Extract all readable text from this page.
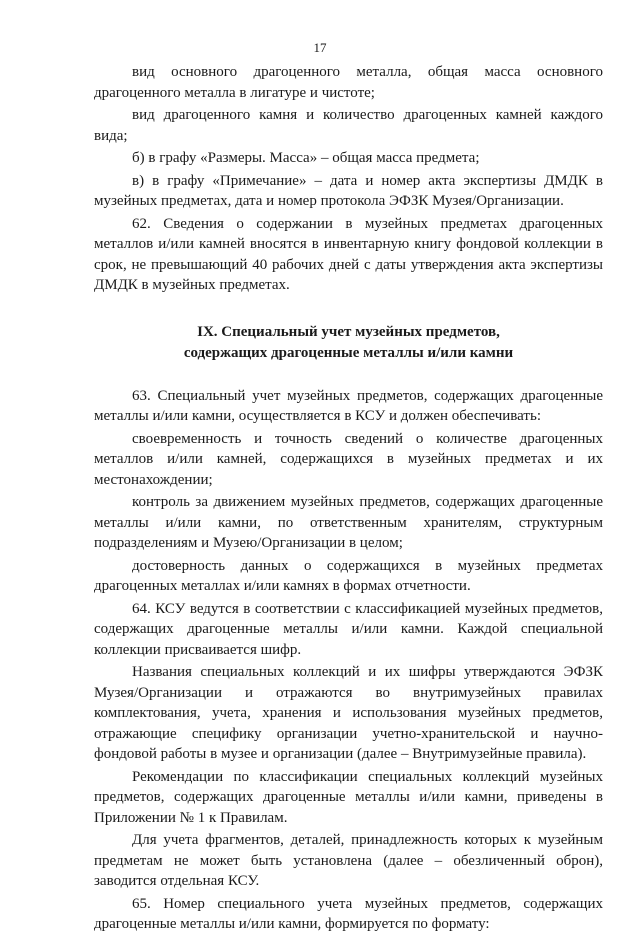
17

вид основного драгоценного металла, общая масса основного драгоценного металла в лигатуре и чистоте;

вид драгоценного камня и количество драгоценных камней каждого вида;

б) в графу «Размеры. Масса» – общая масса предмета;

в) в графу «Примечание» – дата и номер акта экспертизы ДМДК в музейных предметах, дата и номер протокола ЭФЗК Музея/Организации.

62. Сведения о содержании в музейных предметах драгоценных металлов и/или камней вносятся в инвентарную книгу фондовой коллекции в срок, не превышающий 40 рабочих дней с даты утверждения акта экспертизы ДМДК в музейных предметах.

IX. Специальный учет музейных предметов,
содержащих драгоценные металлы и/или камни

63. Специальный учет музейных предметов, содержащих драгоценные металлы и/или камни, осуществляется в КСУ и должен обеспечивать:

своевременность и точность сведений о количестве драгоценных металлов и/или камней, содержащихся в музейных предметах и их местонахождении;

контроль за движением музейных предметов, содержащих драгоценные металлы и/или камни, по ответственным хранителям, структурным подразделениям и Музею/Организации в целом;

достоверность данных о содержащихся в музейных предметах драгоценных металлах и/или камнях в формах отчетности.

64. КСУ ведутся в соответствии с классификацией музейных предметов, содержащих драгоценные металлы и/или камни. Каждой специальной коллекции присваивается шифр.

Названия специальных коллекций и их шифры утверждаются ЭФЗК Музея/Организации и отражаются во внутримузейных правилах комплектования, учета, хранения и использования музейных предметов, отражающие специфику организации учетно-хранительской и научно-фондовой работы в музее и организации (далее – Внутримузейные правила).

Рекомендации по классификации специальных коллекций музейных предметов, содержащих драгоценные металлы и/или камни, приведены в Приложении № 1 к Правилам.

Для учета фрагментов, деталей, принадлежность которых к музейным предметам не может быть установлена (далее – обезличенный оброн), заводится отдельная КСУ.

65. Номер специального учета музейных предметов, содержащих драгоценные металлы и/или камни, формируется по формату:
